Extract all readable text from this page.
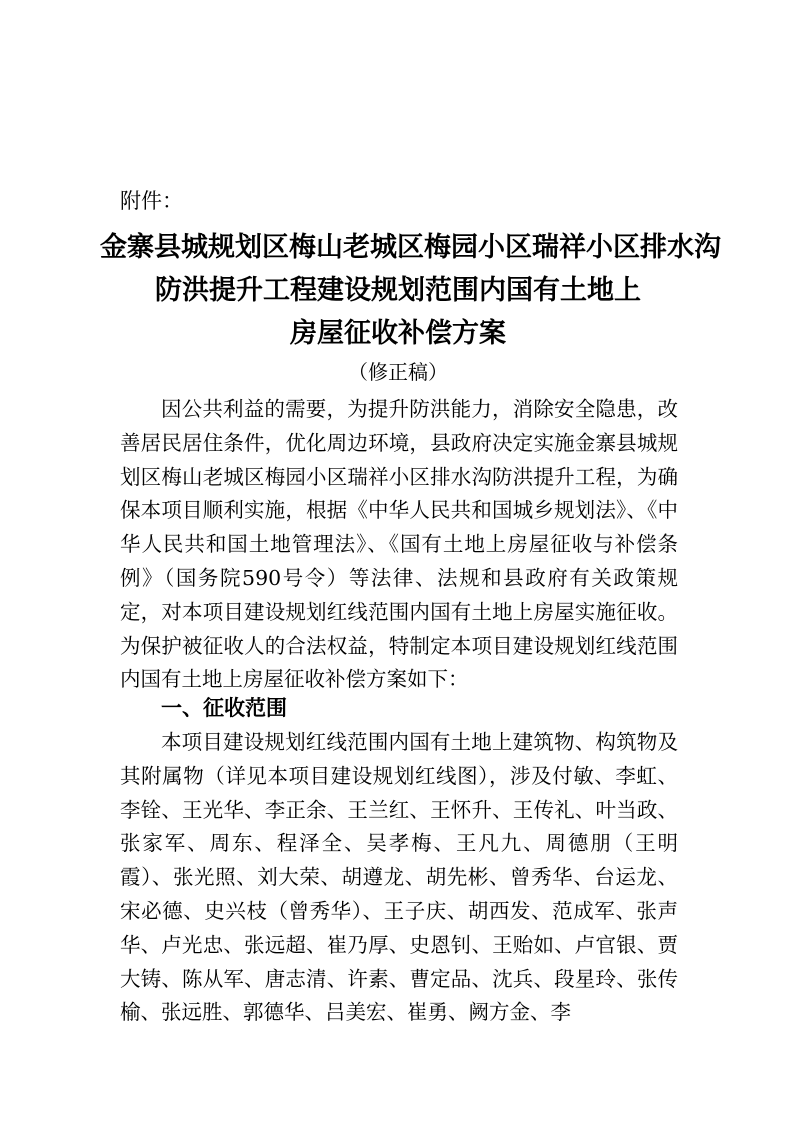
附件：
金寨县城规划区梅山老城区梅园小区瑞祥小区排水沟
防洪提升工程建设规划范围内国有土地上
房屋征收补偿方案
（修正稿）

因公共利益的需要，为提升防洪能力，消除安全隐患，改善居民居住条件，优化周边环境，县政府决定实施金寨县城规划区梅山老城区梅园小区瑞祥小区排水沟防洪提升工程，为确保本项目顺利实施，根据《中华人民共和国城乡规划法》、《中华人民共和国土地管理法》、《国有土地上房屋征收与补偿条例》（国务院590号令）等法律、法规和县政府有关政策规定，对本项目建设规划红线范围内国有土地上房屋实施征收。为保护被征收人的合法权益，特制定本项目建设规划红线范围内国有土地上房屋征收补偿方案如下：

一、征收范围

本项目建设规划红线范围内国有土地上建筑物、构筑物及其附属物（详见本项目建设规划红线图），涉及付敏、李虹、李铨、王光华、李正余、王兰红、王怀升、王传礼、叶当政、张家军、周东、程泽全、吴孝梅、王凡九、周德朋（王明霞）、张光照、刘大荣、胡遵龙、胡先彬、曾秀华、台运龙、宋必德、史兴枝（曾秀华）、王子庆、胡西发、范成军、张声华、卢光忠、张远超、崔乃厚、史恩钊、王贻如、卢官银、贾大铸、陈从军、唐志清、许素、曹定品、沈兵、段星玲、张传榆、张远胜、郭德华、吕美宏、崔勇、阙方金、李
